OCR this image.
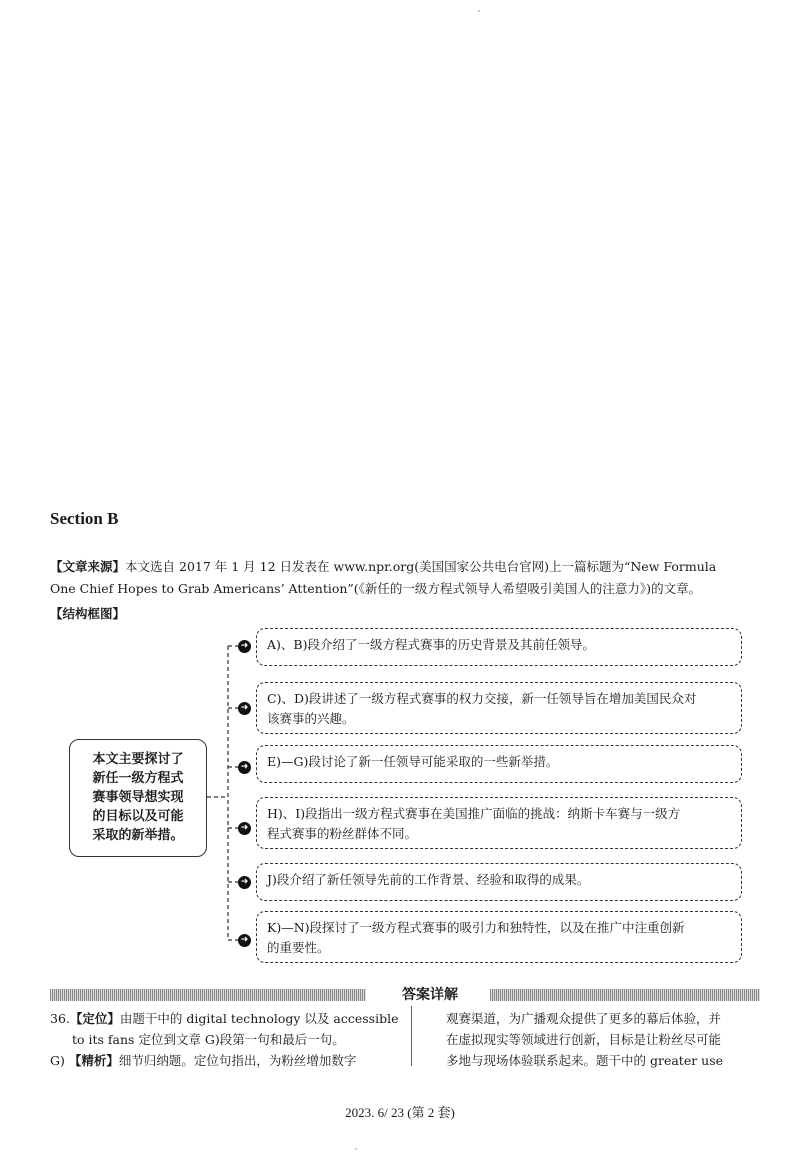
Section B
【文章来源】本文选自 2017 年 1 月 12 日发表在 www.npr.org(美国国家公共电台官网)上一篇标题为“New Formula
One Chief Hopes to Grab Americans’ Attention”(《新任的一级方程式领导人希望吸引美国人的注意力》)的文章。
【结构框图】
本文主要探讨了
新任一级方程式
赛事领导想实现
的目标以及可能
采取的新举措。
➜
➜
➜
➜
➜
➜
A)、B)段介绍了一级方程式赛事的历史背景及其前任领导。
C)、D)段讲述了一级方程式赛事的权力交接，新一任领导旨在增加美国民众对
该赛事的兴趣。
E)—G)段讨论了新一任领导可能采取的一些新举措。
H)、I)段指出一级方程式赛事在美国推广面临的挑战：纳斯卡车赛与一级方
程式赛事的粉丝群体不同。
J)段介绍了新任领导先前的工作背景、经验和取得的成果。
K)—N)段探讨了一级方程式赛事的吸引力和独特性，以及在推广中注重创新
的重要性。
答案详解
36.【定位】由题干中的 digital technology 以及 accessible
to its fans 定位到文章 G)段第一句和最后一句。
G) 【精析】细节归纳题。定位句指出，为粉丝增加数字
观赛渠道，为广播观众提供了更多的幕后体验，并
在虚拟现实等领域进行创新，目标是让粉丝尽可能
多地与现场体验联系起来。题干中的 greater use
2023. 6/ 23 (第 2 套)
